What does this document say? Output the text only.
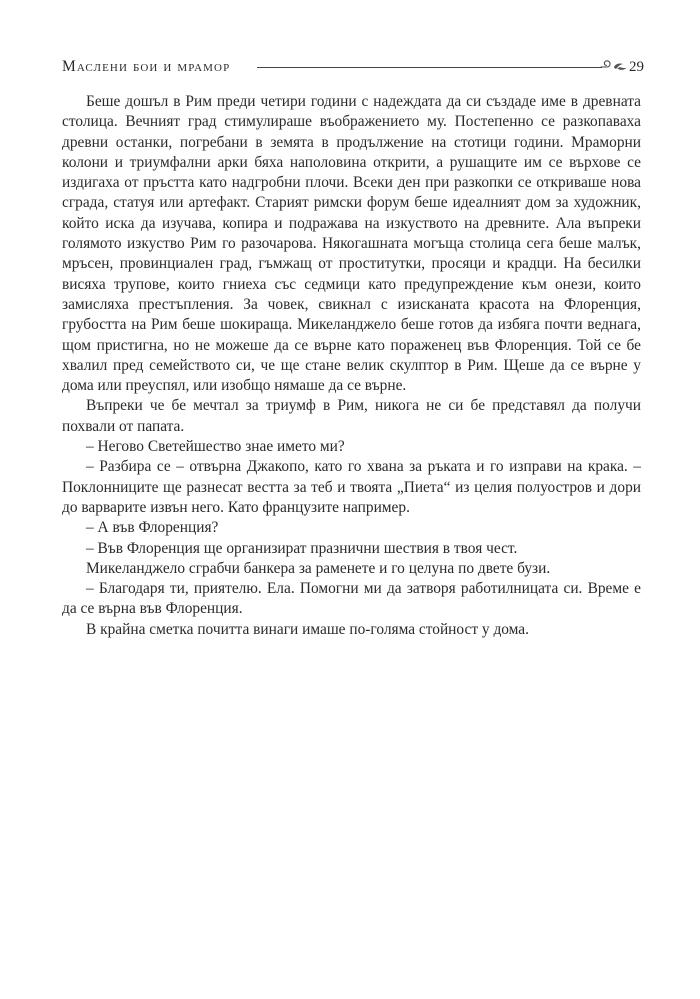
Маслени бои и мрамор	29

Беше дошъл в Рим преди четири години с надеждата да си създаде име в древната столица. Вечният град стимулираше въображението му. Постепенно се разкопаваха древни останки, погребани в земята в продължение на стотици години. Мраморни колони и триумфални арки бяха наполовина открити, а рушащите им се върхове се издигаха от пръстта като надгробни плочи. Всеки ден при разкопки се откриваше нова сграда, статуя или артефакт. Старият римски форум беше идеалният дом за художник, който иска да изучава, копира и подражава на изкуството на древните. Ала въпреки голямото изкуство Рим го разочарова. Някогашната могъща столица сега беше малък, мръсен, провинциален град, гъмжащ от проститутки, просяци и крадци. На бесилки висяха трупове, които гниеха със седмици като предупреждение към онези, които замисляха престъпления. За човек, свикнал с изисканата красота на Флоренция, грубостта на Рим беше шокираща. Микеланджело беше готов да избяга почти веднага, щом пристигна, но не можеше да се върне като пораженец във Флоренция. Той се бе хвалил пред семейството си, че ще стане велик скулптор в Рим. Щеше да се върне у дома или преуспял, или изобщо нямаше да се върне.

Въпреки че бе мечтал за триумф в Рим, никога не си бе представял да получи похвали от папата.

– Негово Светейшество знае името ми?

– Разбира се – отвърна Джакопо, като го хвана за ръката и го изправи на крака. – Поклонниците ще разнесат вестта за теб и твоята „Пиета“ из целия полуостров и дори до варварите извън него. Като французите например.

– А във Флоренция?

– Във Флоренция ще организират празнични шествия в твоя чест.

Микеланджело сграбчи банкера за раменете и го целуна по двете бузи.

– Благодаря ти, приятелю. Ела. Помогни ми да затворя работилницата си. Време е да се върна във Флоренция.

В крайна сметка почитта винаги имаше по-голяма стойност у дома.
